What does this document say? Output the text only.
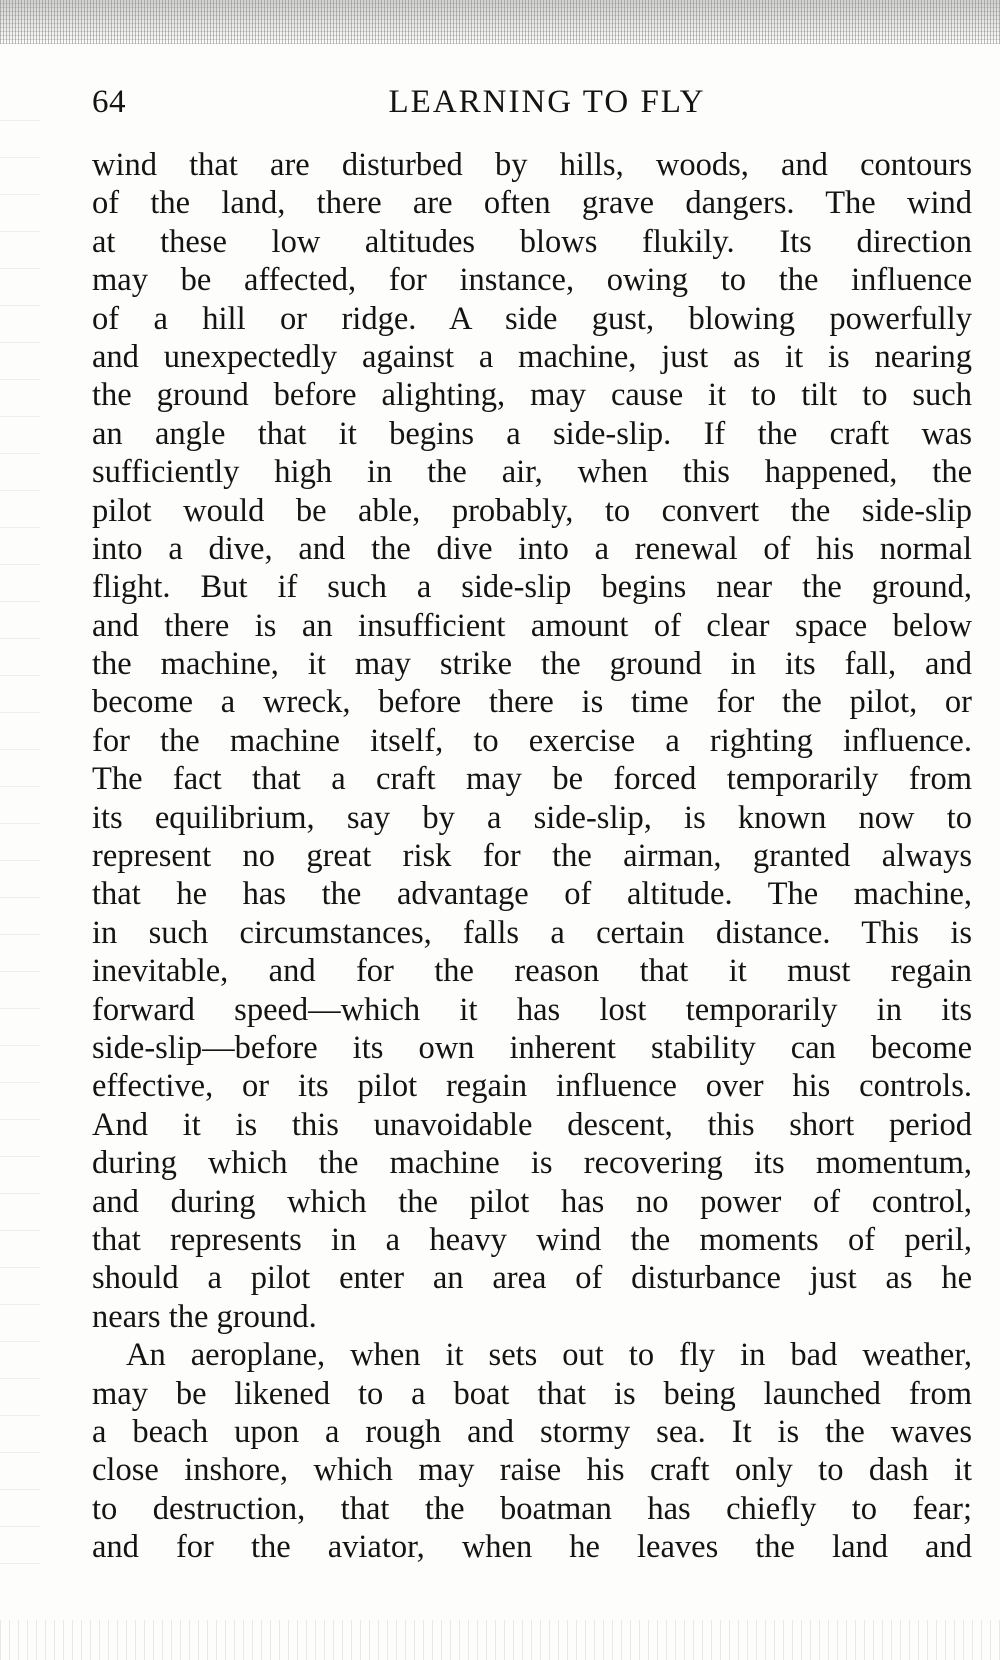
64	LEARNING TO FLY
wind that are disturbed by hills, woods, and contours
of the land, there are often grave dangers. The wind
at these low altitudes blows flukily. Its direction
may be affected, for instance, owing to the influence
of a hill or ridge. A side gust, blowing powerfully
and unexpectedly against a machine, just as it is nearing
the ground before alighting, may cause it to tilt to such
an angle that it begins a side-slip. If the craft was
sufficiently high in the air, when this happened, the
pilot would be able, probably, to convert the side-slip
into a dive, and the dive into a renewal of his normal
flight. But if such a side-slip begins near the ground,
and there is an insufficient amount of clear space below
the machine, it may strike the ground in its fall, and
become a wreck, before there is time for the pilot, or
for the machine itself, to exercise a righting influence.
The fact that a craft may be forced temporarily from
its equilibrium, say by a side-slip, is known now to
represent no great risk for the airman, granted always
that he has the advantage of altitude. The machine,
in such circumstances, falls a certain distance. This is
inevitable, and for the reason that it must regain
forward speed—which it has lost temporarily in its
side-slip—before its own inherent stability can become
effective, or its pilot regain influence over his controls.
And it is this unavoidable descent, this short period
during which the machine is recovering its momentum,
and during which the pilot has no power of control,
that represents in a heavy wind the moments of peril,
should a pilot enter an area of disturbance just as he
nears the ground.
An aeroplane, when it sets out to fly in bad weather,
may be likened to a boat that is being launched from
a beach upon a rough and stormy sea. It is the waves
close inshore, which may raise his craft only to dash it
to destruction, that the boatman has chiefly to fear;
and for the aviator, when he leaves the land and
